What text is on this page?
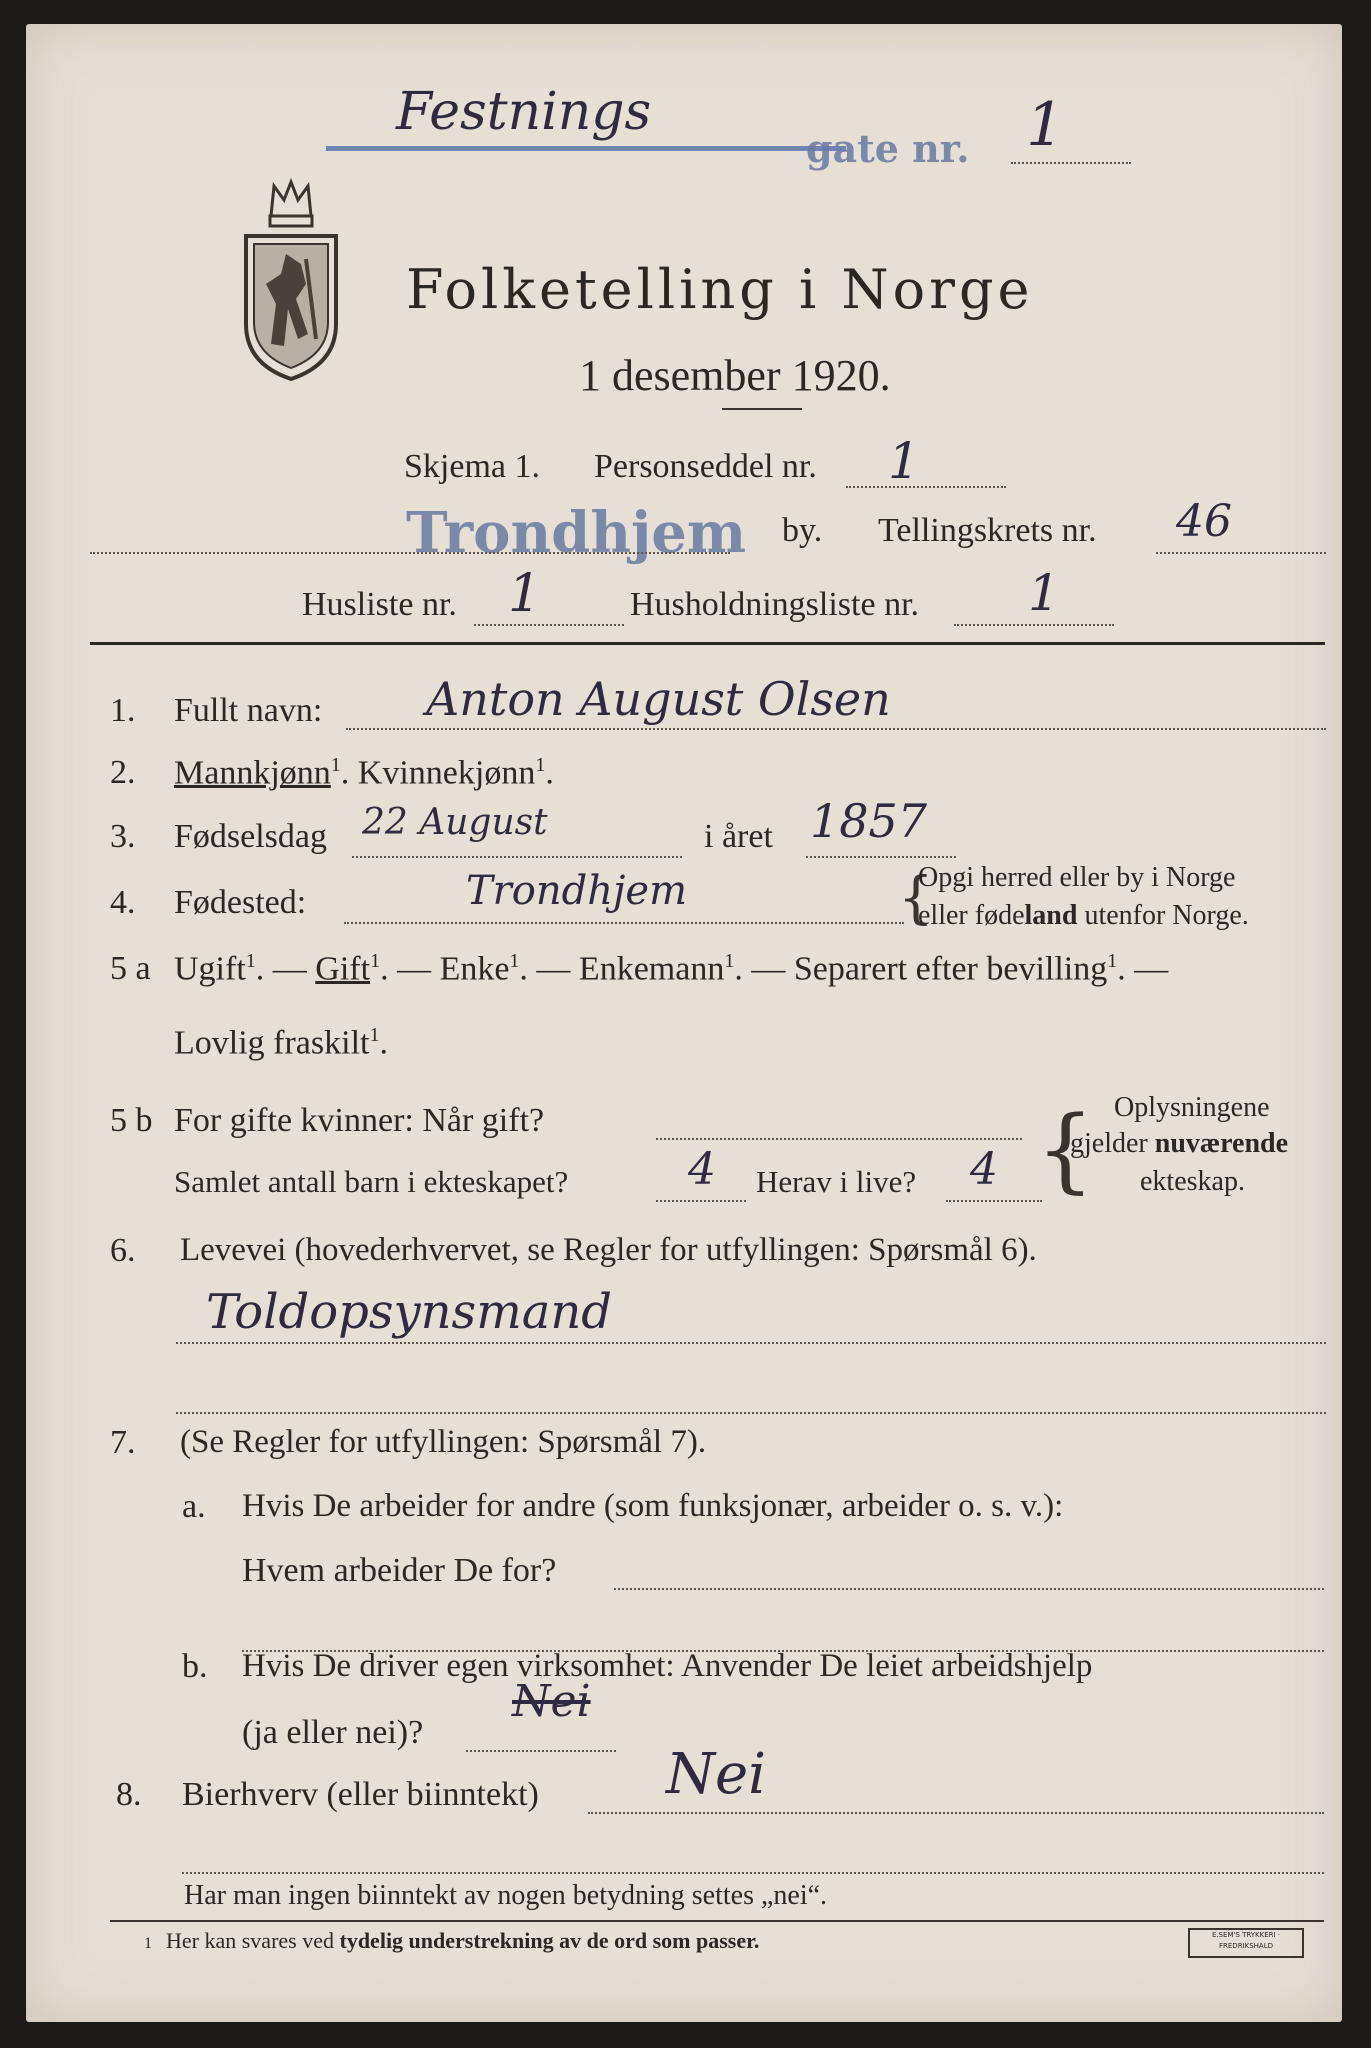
Festnings
gate nr. 1
Folketelling i Norge
1 desember 1920.
Skjema 1. Personseddel nr. 1
Trondhjem by. Tellingskrets nr. 46
Husliste nr. 1	Husholdningsliste nr. 1
1. Fullt navn: Anton August Olsen
2. Mannkjønn$^1$. Kvinnekjønn$^1$.
3. Fødselsdag 22 August	i året 1857
4. Fødested:	Trondhjem	{
Opgi herred eller by i Norge
eller fødeland utenfor Norge.
5 a Ugift$^1$. — Gift$^1$. — Enke$^1$. — Enkemann$^1$. — Separert efter bevilling$^1$. —
Lovlig fraskilt$^1$.
5 b For gifte kvinner: Når gift?
Samlet antall barn i ekteskapet?	4 Herav i live? 4 { Oplysningene
gjelder nuværende
ekteskap.
6. Levevei (hovederhvervet, se Regler for utfyllingen: Spørsmål 6).
Toldopsynsmand
7. (Se Regler for utfyllingen: Spørsmål 7).
a. Hvis De arbeider for andre (som funksjonær, arbeider o. s. v.):
Hvem arbeider De for?
b. Hvis De driver egen virksomhet: Anvender De leiet arbeidshjelp
(ja eller nei)?
Nei
8. Bierhverv (eller biinntekt) Nei
Har man ingen biinntekt av nogen betydning settes „nei“.
1 Her kan svares ved tydelig understrekning av de ord som passer.	E.SEM'S TRYKKERI · FREDRIKSHALD
